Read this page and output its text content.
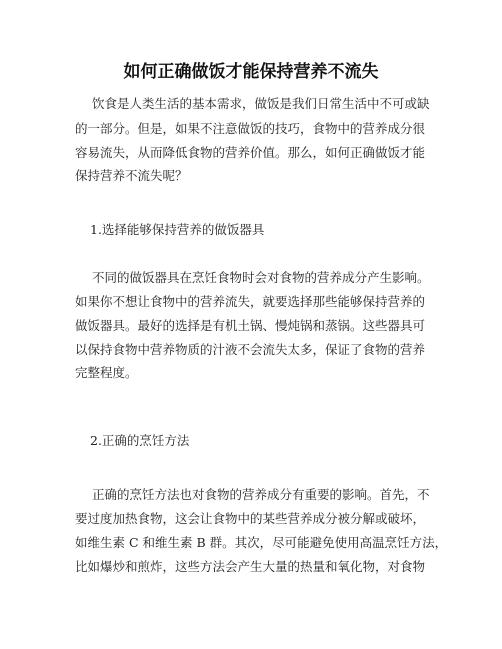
如何正确做饭才能保持营养不流失
饮食是人类生活的基本需求，做饭是我们日常生活中不可或缺
的一部分。但是，如果不注意做饭的技巧，食物中的营养成分很
容易流失，从而降低食物的营养价值。那么，如何正确做饭才能
保持营养不流失呢？
1.选择能够保持营养的做饭器具
不同的做饭器具在烹饪食物时会对食物的营养成分产生影响。
如果你不想让食物中的营养流失，就要选择那些能够保持营养的
做饭器具。最好的选择是有机土锅、慢炖锅和蒸锅。这些器具可
以保持食物中营养物质的汁液不会流失太多，保证了食物的营养
完整程度。
2.正确的烹饪方法
正确的烹饪方法也对食物的营养成分有重要的影响。首先，不
要过度加热食物，这会让食物中的某些营养成分被分解或破坏，
如维生素 C 和维生素 B 群。其次，尽可能避免使用高温烹饪方法，
比如爆炒和煎炸，这些方法会产生大量的热量和氧化物，对食物
